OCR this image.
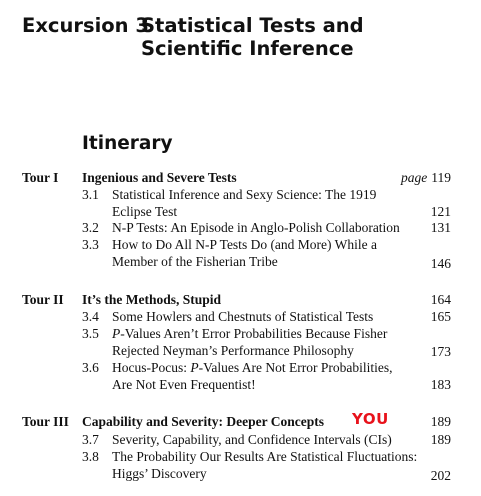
Excursion 3
Statistical Tests and Scientific Inference
Itinerary
Tour I Ingenious and Severe Tests	page 119
3.1 Statistical Inference and Sexy Science: The 1919
Eclipse Test	121
3.2 N-P Tests: An Episode in Anglo-Polish Collaboration 131
3.3 How to Do All N-P Tests Do (and More) While a
Member of the Fisherian Tribe	146
Tour II It’s the Methods, Stupid	164
3.4 Some Howlers and Chestnuts of Statistical Tests	165
3.5 P-Values Aren’t Error Probabilities Because Fisher
Rejected Neyman’s Performance Philosophy	173
3.6 Hocus-Pocus: P-Values Are Not Error Probabilities,
Are Not Even Frequentist!	183
Tour III Capability and Severity: Deeper Concepts YOU	189
3.7 Severity, Capability, and Confidence Intervals (CIs)	189
3.8 The Probability Our Results Are Statistical Fluctuations:
Higgs’ Discovery	202
